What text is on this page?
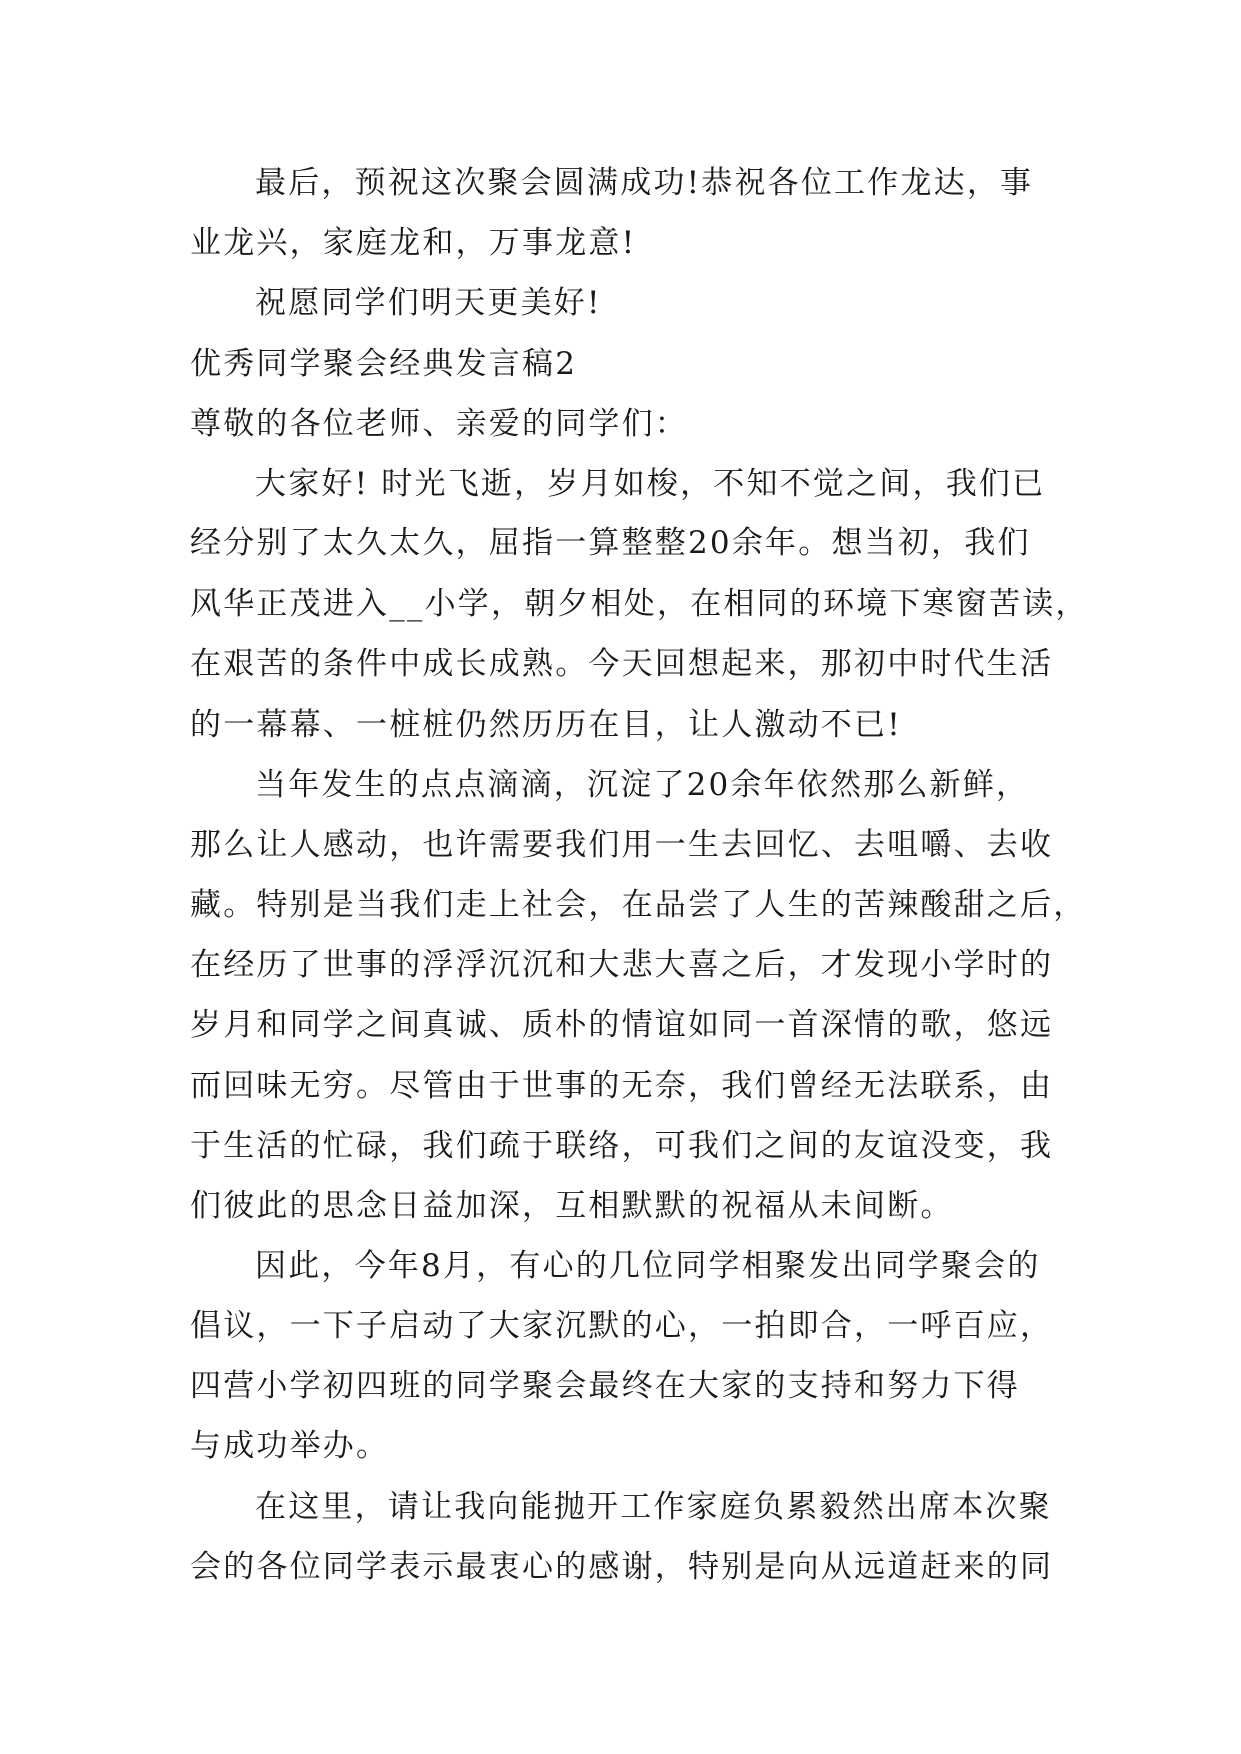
最后，预祝这次聚会圆满成功!恭祝各位工作龙达，事
业龙兴，家庭龙和，万事龙意!
祝愿同学们明天更美好!
优秀同学聚会经典发言稿2
尊敬的各位老师、亲爱的同学们：
大家好! 时光飞逝，岁月如梭，不知不觉之间，我们已
经分别了太久太久，屈指一算整整20余年。想当初，我们
风华正茂进入__小学，朝夕相处，在相同的环境下寒窗苦读，
在艰苦的条件中成长成熟。今天回想起来，那初中时代生活
的一幕幕、一桩桩仍然历历在目，让人激动不已!
当年发生的点点滴滴，沉淀了20余年依然那么新鲜，
那么让人感动，也许需要我们用一生去回忆、去咀嚼、去收
藏。特别是当我们走上社会，在品尝了人生的苦辣酸甜之后，
在经历了世事的浮浮沉沉和大悲大喜之后，才发现小学时的
岁月和同学之间真诚、质朴的情谊如同一首深情的歌，悠远
而回味无穷。尽管由于世事的无奈，我们曾经无法联系，由
于生活的忙碌，我们疏于联络，可我们之间的友谊没变，我
们彼此的思念日益加深，互相默默的祝福从未间断。
因此，今年8月，有心的几位同学相聚发出同学聚会的
倡议，一下子启动了大家沉默的心，一拍即合，一呼百应，
四营小学初四班的同学聚会最终在大家的支持和努力下得
与成功举办。
在这里，请让我向能抛开工作家庭负累毅然出席本次聚
会的各位同学表示最衷心的感谢，特别是向从远道赶来的同
